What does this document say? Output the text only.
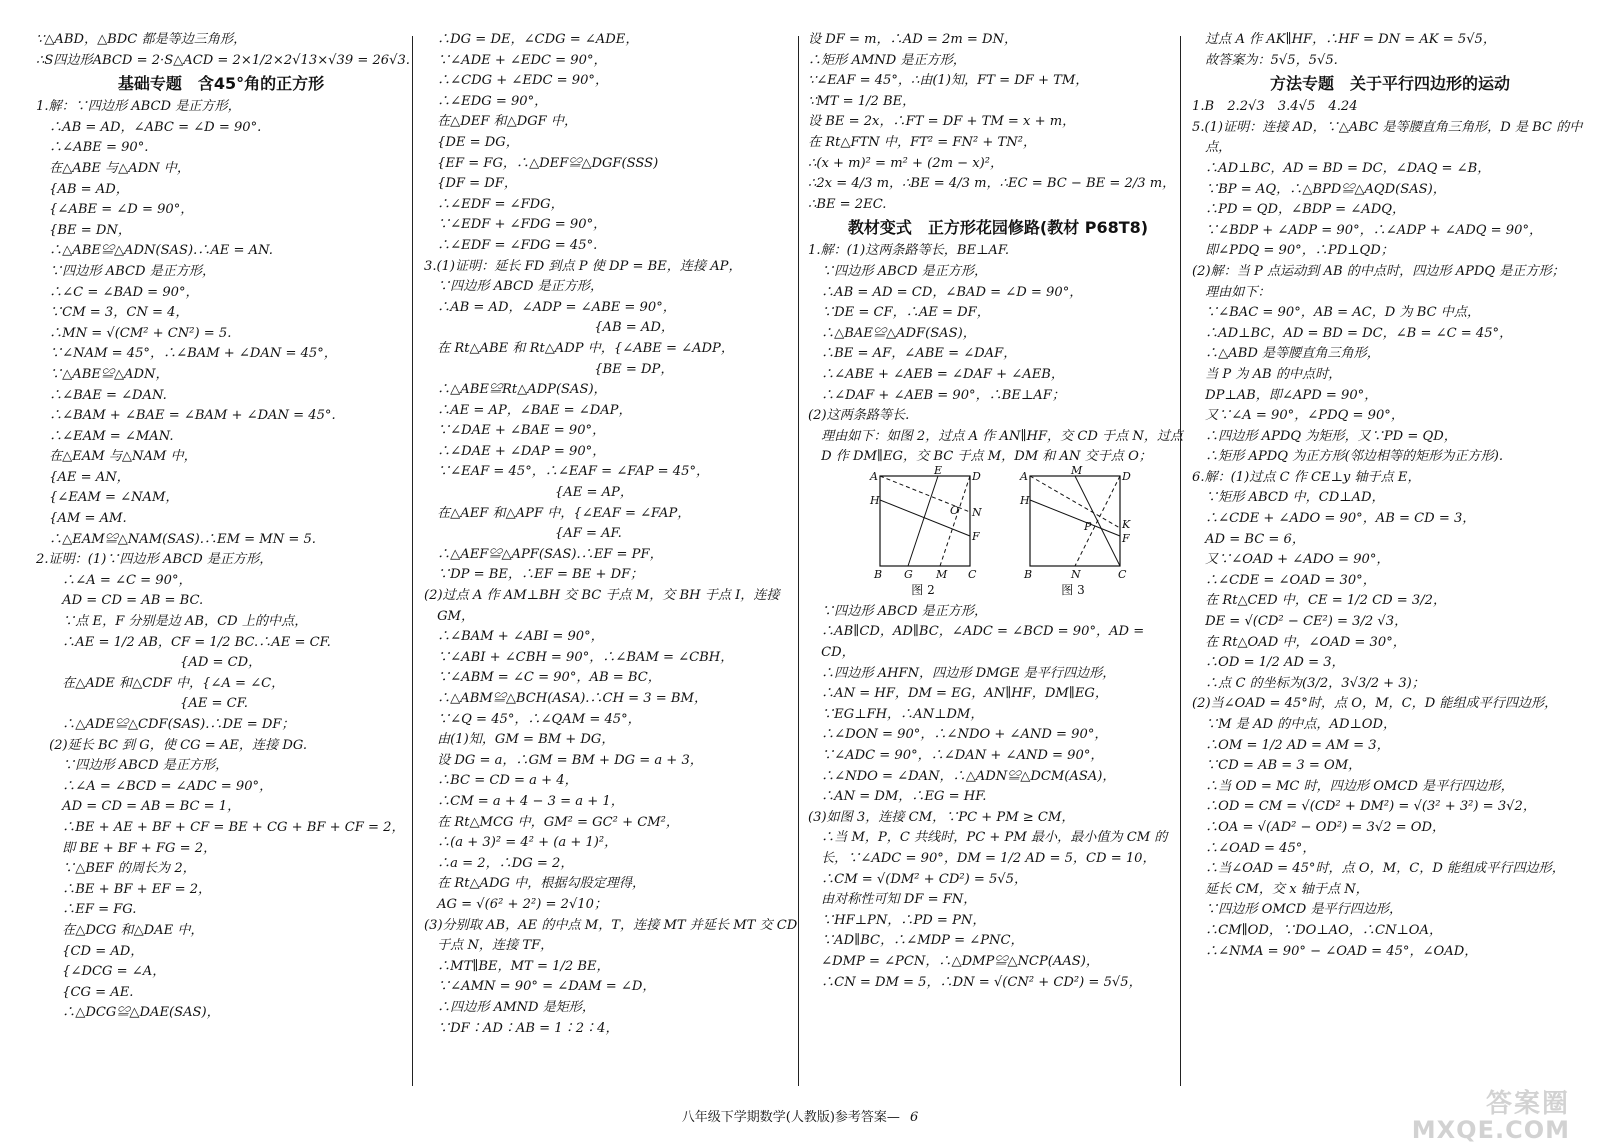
∵△ABD，△BDC 都是等边三角形，
∴S四边形ABCD = 2·S△ACD = 2×1/2×2√13×√39 = 26√3.
基础专题　含45°角的正方形
1.解：∵四边形 ABCD 是正方形，
　∴AB = AD，∠ABC = ∠D = 90°.
　∴∠ABE = 90°.
　在△ABE 与△ADN 中，
　{AB = AD，
　{∠ABE = ∠D = 90°，
　{BE = DN，
　∴△ABE≌△ADN(SAS).∴AE = AN.
　∵四边形 ABCD 是正方形，
　∴∠C = ∠BAD = 90°，
　∵CM = 3，CN = 4，
　∴MN = √(CM² + CN²) = 5.
　∵∠NAM = 45°，∴∠BAM + ∠DAN = 45°，
　∵△ABE≌△ADN，
　∴∠BAE = ∠DAN.
　∴∠BAM + ∠BAE = ∠BAM + ∠DAN = 45°.
　∴∠EAM = ∠MAN.
　在△EAM 与△NAM 中，
　{AE = AN，
　{∠EAM = ∠NAM，
　{AM = AM.
　∴△EAM≌△NAM(SAS).∴EM = MN = 5.
2.证明：(1)∵四边形 ABCD 是正方形，
　　∴∠A = ∠C = 90°，
　　AD = CD = AB = BC.
　　∵点 E，F 分别是边 AB，CD 上的中点，
　　∴AE = 1/2 AB，CF = 1/2 BC.∴AE = CF.
　　　　　　　　　　　{AD = CD，
　　在△ADE 和△CDF 中，{∠A = ∠C，
　　　　　　　　　　　{AE = CF.
　　∴△ADE≌△CDF(SAS).∴DE = DF；
　(2)延长 BC 到 G，使 CG = AE，连接 DG.
　　∵四边形 ABCD 是正方形，
　　∴∠A = ∠BCD = ∠ADC = 90°，
　　AD = CD = AB = BC = 1，
　　∴BE + AE + BF + CF = BE + CG + BF + CF = 2，
　　即 BE + BF + FG = 2，
　　∵△BEF 的周长为 2，
　　∴BE + BF + EF = 2，
　　∴EF = FG.
　　在△DCG 和△DAE 中，
　　{CD = AD，
　　{∠DCG = ∠A，
　　{CG = AE.
　　∴△DCG≌△DAE(SAS)，
　∴DG = DE，∠CDG = ∠ADE，
　∵∠ADE + ∠EDC = 90°，
　∴∠CDG + ∠EDC = 90°，
　∴∠EDG = 90°，
　在△DEF 和△DGF 中，
　{DE = DG，
　{EF = FG，∴△DEF≌△DGF(SSS)
　{DF = DF，
　∴∠EDF = ∠FDG，
　∵∠EDF + ∠FDG = 90°，
　∴∠EDF = ∠FDG = 45°.
3.(1)证明：延长 FD 到点 P 使 DP = BE，连接 AP，
　∵四边形 ABCD 是正方形，
　∴AB = AD，∠ADP = ∠ABE = 90°，
　　　　　　　　　　　　　{AB = AD，
　在 Rt△ABE 和 Rt△ADP 中，{∠ABE = ∠ADP，
　　　　　　　　　　　　　{BE = DP，
　∴△ABE≌Rt△ADP(SAS)，
　∴AE = AP，∠BAE = ∠DAP，
　∵∠DAE + ∠BAE = 90°，
　∴∠DAE + ∠DAP = 90°，
　∵∠EAF = 45°，∴∠EAF = ∠FAP = 45°，
　　　　　　　　　　{AE = AP，
　在△AEF 和△APF 中，{∠EAF = ∠FAP，
　　　　　　　　　　{AF = AF.
　∴△AEF≌△APF(SAS).∴EF = PF，
　∵DP = BE，∴EF = BE + DF；
(2)过点 A 作 AM⊥BH 交 BC 于点 M，交 BH 于点 I，连接
　GM，
　∴∠BAM + ∠ABI = 90°，
　∵∠ABI + ∠CBH = 90°，∴∠BAM = ∠CBH，
　∵∠ABM = ∠C = 90°，AB = BC，
　∴△ABM≌△BCH(ASA).∴CH = 3 = BM，
　∵∠Q = 45°，∴∠QAM = 45°，
　由(1)知，GM = BM + DG，
　设 DG = a，∴GM = BM + DG = a + 3，
　∴BC = CD = a + 4，
　∴CM = a + 4 − 3 = a + 1，
　在 Rt△MCG 中，GM² = GC² + CM²，
　∴(a + 3)² = 4² + (a + 1)²，
　∴a = 2，∴DG = 2，
　在 Rt△ADG 中，根据勾股定理得，
　AG = √(6² + 2²) = 2√10；
(3)分别取 AB，AE 的中点 M，T，连接 MT 并延长 MT 交 CD
　于点 N，连接 TF，
　∴MT∥BE，MT = 1/2 BE，
　∵∠AMN = 90° = ∠DAM = ∠D，
　∴四边形 AMND 是矩形，
　∵DF∶AD∶AB = 1∶2∶4，
设 DF = m，∴AD = 2m = DN，
∴矩形 AMND 是正方形，
∵∠EAF = 45°，∴由(1)知，FT = DF + TM，
∵MT = 1/2 BE，
设 BE = 2x，∴FT = DF + TM = x + m，
在 Rt△FTN 中，FT² = FN² + TN²，
∴(x + m)² = m² + (2m − x)²，
∴2x = 4/3 m，∴BE = 4/3 m，∴EC = BC − BE = 2/3 m，
∴BE = 2EC.
教材变式　正方形花园修路(教材 P68T8)
1.解：(1)这两条路等长，BE⊥AF.
　∵四边形 ABCD 是正方形，
　∴AB = AD = CD，∠BAD = ∠D = 90°，
　∵DE = CF，∴AE = DF，
　∴△BAE≌△ADF(SAS)，
　∴BE = AF，∠ABE = ∠DAF，
　∴∠ABE + ∠AEB = ∠DAF + ∠AEB，
　∴∠DAF + ∠AEB = 90°，∴BE⊥AF；
(2)这两条路等长.
　理由如下：如图 2，过点 A 作 AN∥HF，交 CD 于点 N，过点
　D 作 DM∥EG，交 BC 于点 M，DM 和 AN 交于点 O；
A	E	D
H
O N
F
B G M C
图 2
A	M	D
H
P	K
F
B	N	C
图 3
　∵四边形 ABCD 是正方形，
　∴AB∥CD，AD∥BC，∠ADC = ∠BCD = 90°，AD =
　CD，
　∴四边形 AHFN，四边形 DMGE 是平行四边形，
　∴AN = HF，DM = EG，AN∥HF，DM∥EG，
　∵EG⊥FH，∴AN⊥DM，
　∴∠DON = 90°，∴∠NDO + ∠AND = 90°，
　∵∠ADC = 90°，∴∠DAN + ∠AND = 90°，
　∴∠NDO = ∠DAN，∴△ADN≌△DCM(ASA)，
　∴AN = DM，∴EG = HF.
(3)如图 3，连接 CM，∵PC + PM ≥ CM，
　∴当 M，P，C 共线时，PC + PM 最小，最小值为 CM 的
　长，∵∠ADC = 90°，DM = 1/2 AD = 5，CD = 10，
　∴CM = √(DM² + CD²) = 5√5，
　由对称性可知 DF = FN，
　∵HF⊥PN，∴PD = PN，
　∵AD∥BC，∴∠MDP = ∠PNC，
　∠DMP = ∠PCN，∴△DMP≌△NCP(AAS)，
　∴CN = DM = 5，∴DN = √(CN² + CD²) = 5√5，
　过点 A 作 AK∥HF，∴HF = DN = AK = 5√5，
　故答案为：5√5，5√5.
方法专题　关于平行四边形的运动
1.B　2.2√3　3.4√5　4.24
5.(1)证明：连接 AD，∵△ABC 是等腰直角三角形，D 是 BC 的中
　点，
　∴AD⊥BC，AD = BD = DC，∠DAQ = ∠B，
　∵BP = AQ，∴△BPD≌△AQD(SAS)，
　∴PD = QD，∠BDP = ∠ADQ，
　∵∠BDP + ∠ADP = 90°，∴∠ADP + ∠ADQ = 90°，
　即∠PDQ = 90°，∴PD⊥QD；
(2)解：当 P 点运动到 AB 的中点时，四边形 APDQ 是正方形；
　理由如下：
　∵∠BAC = 90°，AB = AC，D 为 BC 中点，
　∴AD⊥BC，AD = BD = DC，∠B = ∠C = 45°，
　∴△ABD 是等腰直角三角形，
　当 P 为 AB 的中点时，
　DP⊥AB，即∠APD = 90°，
　又∵∠A = 90°，∠PDQ = 90°，
　∴四边形 APDQ 为矩形，又∵PD = QD，
　∴矩形 APDQ 为正方形(邻边相等的矩形为正方形).
6.解：(1)过点 C 作 CE⊥y 轴于点 E，
　∵矩形 ABCD 中，CD⊥AD，
　∴∠CDE + ∠ADO = 90°，AB = CD = 3，
　AD = BC = 6，
　又∵∠OAD + ∠ADO = 90°，
　∴∠CDE = ∠OAD = 30°，
　在 Rt△CED 中，CE = 1/2 CD = 3/2，
　DE = √(CD² − CE²) = 3/2 √3，
　在 Rt△OAD 中，∠OAD = 30°，
　∴OD = 1/2 AD = 3，
　∴点 C 的坐标为(3/2，3√3/2 + 3)；
(2)当∠OAD = 45°时，点 O，M，C，D 能组成平行四边形，
　∵M 是 AD 的中点，AD⊥OD，
　∴OM = 1/2 AD = AM = 3，
　∵CD = AB = 3 = OM，
　∴当 OD = MC 时，四边形 OMCD 是平行四边形，
　∴OD = CM = √(CD² + DM²) = √(3² + 3²) = 3√2，
　∴OA = √(AD² − OD²) = 3√2 = OD，
　∴∠OAD = 45°，
　∴当∠OAD = 45°时，点 O，M，C，D 能组成平行四边形，
　延长 CM，交 x 轴于点 N，
　∵四边形 OMCD 是平行四边形，
　∴CM∥OD，∵DO⊥AO，∴CN⊥OA，
　∴∠NMA = 90° − ∠OAD = 45°，∠OAD，
八年级下学期数学(人教版)参考答案— 6	答案圈
MXQE.COM
